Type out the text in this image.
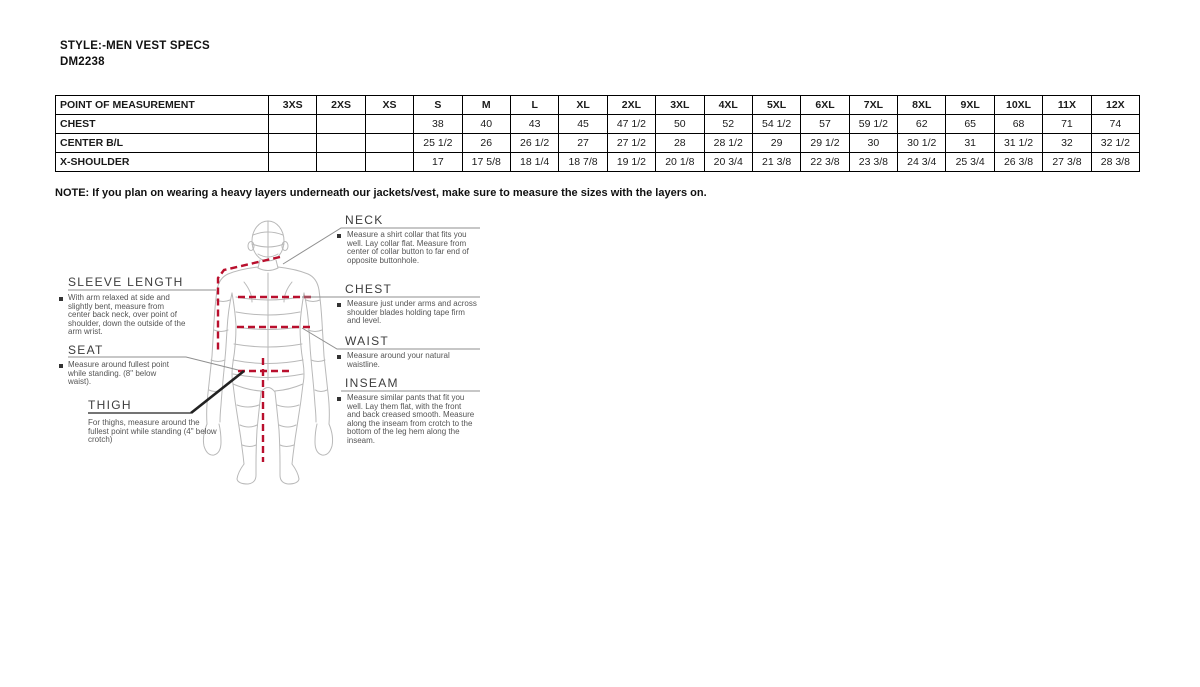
STYLE:-MEN VEST SPECS
DM2238
POINT OF MEASUREMENT	3XS	2XS	XS	S	M	L	XL	2XL	3XL	4XL	5XL	6XL	7XL	8XL	9XL	10XL	11X	12X
CHEST				38	40	43	45	47 1/2	50	52	54 1/2	57	59 1/2	62	65	68	71	74
CENTER B/L				25 1/2	26	26 1/2	27	27 1/2	28	28 1/2	29	29 1/2	30	30 1/2	31	31 1/2	32	32 1/2
X-SHOULDER				17	17 5/8	18 1/4	18 7/8	19 1/2	20 1/8	20 3/4	21 3/8	22 3/8	23 3/8	24 3/4	25 3/4	26 3/8	27 3/8	28 3/8
NOTE: If you plan on wearing a heavy layers underneath our jackets/vest, make sure to measure the sizes with the layers on.
SLEEVE LENGTH
With arm relaxed at side and slightly bent, measure from center back neck, over point of shoulder, down the outside of the arm wrist.
SEAT
Measure around fullest point while standing. (8" below waist).
THIGH
For thighs, measure around the fullest point while standing (4" below crotch)
NECK
Measure a shirt collar that fits you well. Lay collar flat. Measure from center of collar button to far end of opposite buttonhole.
CHEST
Measure just under arms and across shoulder blades holding tape firm and level.
WAIST
Measure around your natural waistline.
INSEAM
Measure similar pants that fit you well. Lay them flat, with the front and back creased smooth. Measure along the inseam from crotch to the bottom of the leg hem along the inseam.
